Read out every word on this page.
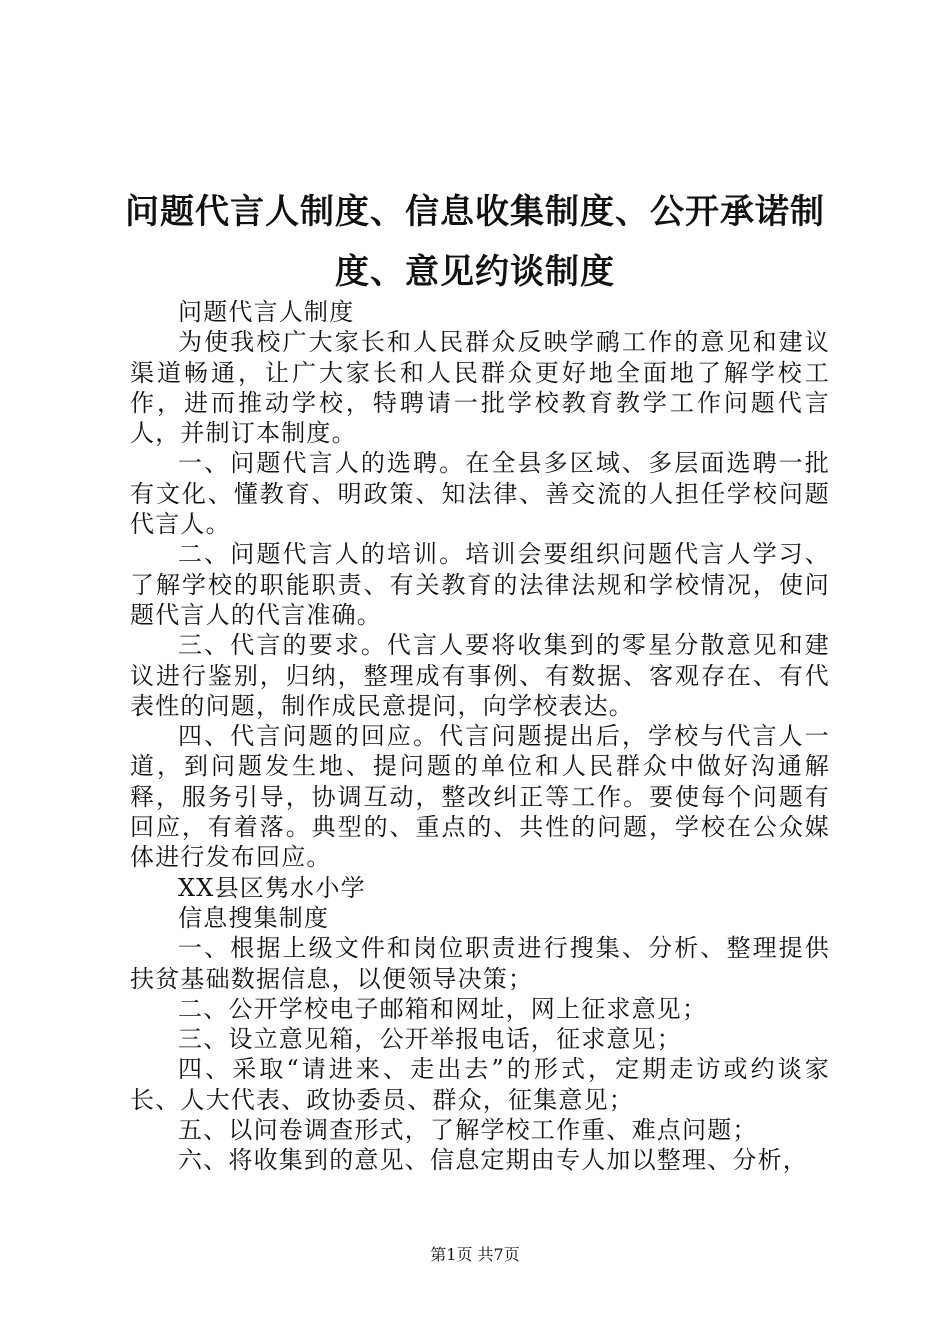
问题代言人制度、信息收集制度、公开承诺制
度、意见约谈制度

问题代言人制度

为使我校广大家长和人民群众反映学鸸工作的意见和建议渠道畅通，让广大家长和人民群众更好地全面地了解学校工作，进而推动学校，特聘请一批学校教育教学工作问题代言人，并制订本制度。

一、问题代言人的选聘。在全县多区域、多层面选聘一批有文化、懂教育、明政策、知法律、善交流的人担任学校问题代言人。

二、问题代言人的培训。培训会要组织问题代言人学习、了解学校的职能职责、有关教育的法律法规和学校情况，使问题代言人的代言准确。

三、代言的要求。代言人要将收集到的零星分散意见和建议进行鉴别，归纳，整理成有事例、有数据、客观存在、有代表性的问题，制作成民意提问，向学校表达。

四、代言问题的回应。代言问题提出后，学校与代言人一道，到问题发生地、提问题的单位和人民群众中做好沟通解释，服务引导，协调互动，整改纠正等工作。要使每个问题有回应，有着落。典型的、重点的、共性的问题，学校在公众媒体进行发布回应。

XX县区隽水小学

信息搜集制度

一、根据上级文件和岗位职责进行搜集、分析、整理提供扶贫基础数据信息，以便领导决策；

二、公开学校电子邮箱和网址，网上征求意见；

三、设立意见箱，公开举报电话，征求意见；

四、采取“请进来、走出去”的形式，定期走访或约谈家长、人大代表、政协委员、群众，征集意见；

五、以问卷调查形式，了解学校工作重、难点问题；

六、将收集到的意见、信息定期由专人加以整理、分析，

第1页 共7页
